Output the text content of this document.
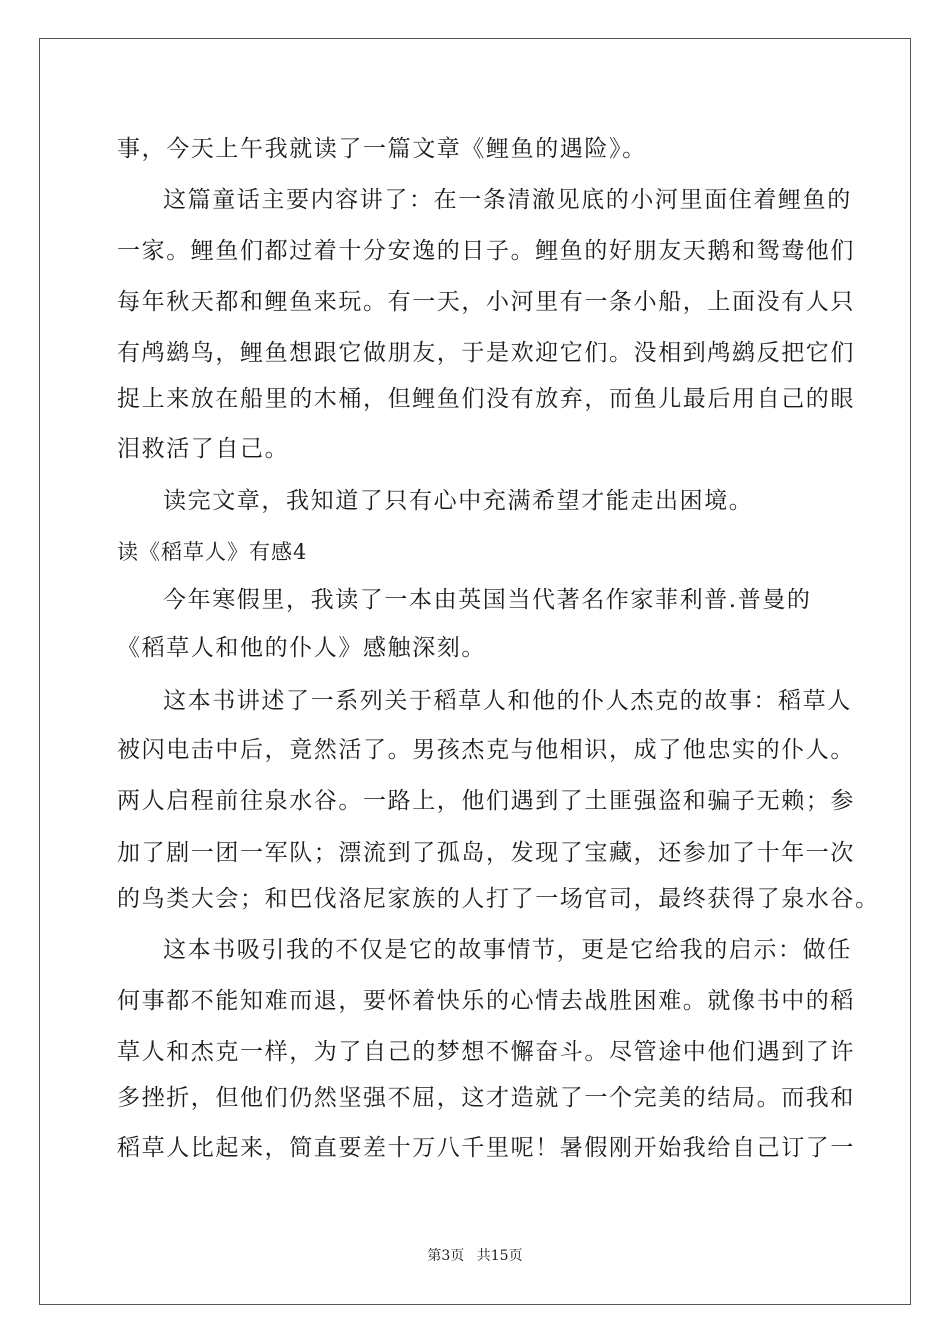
事，今天上午我就读了一篇文章《鲤鱼的遇险》。
这篇童话主要内容讲了：在一条清澈见底的小河里面住着鲤鱼的
一家。鲤鱼们都过着十分安逸的日子。鲤鱼的好朋友天鹅和鸳鸯他们
每年秋天都和鲤鱼来玩。有一天，小河里有一条小船，上面没有人只
有鸬鹚鸟，鲤鱼想跟它做朋友，于是欢迎它们。没相到鸬鹚反把它们
捉上来放在船里的木桶，但鲤鱼们没有放弃，而鱼儿最后用自己的眼
泪救活了自己。
读完文章，我知道了只有心中充满希望才能走出困境。
读《稻草人》有感4
今年寒假里，我读了一本由英国当代著名作家菲利普.普曼的
《稻草人和他的仆人》感触深刻。
这本书讲述了一系列关于稻草人和他的仆人杰克的故事：稻草人
被闪电击中后，竟然活了。男孩杰克与他相识，成了他忠实的仆人。
两人启程前往泉水谷。一路上，他们遇到了土匪强盗和骗子无赖；参
加了剧一团一军队；漂流到了孤岛，发现了宝藏，还参加了十年一次
的鸟类大会；和巴伐洛尼家族的人打了一场官司，最终获得了泉水谷。
这本书吸引我的不仅是它的故事情节，更是它给我的启示：做任
何事都不能知难而退，要怀着快乐的心情去战胜困难。就像书中的稻
草人和杰克一样，为了自己的梦想不懈奋斗。尽管途中他们遇到了许
多挫折，但他们仍然坚强不屈，这才造就了一个完美的结局。而我和
稻草人比起来，简直要差十万八千里呢！暑假刚开始我给自己订了一
第3页 共15页
